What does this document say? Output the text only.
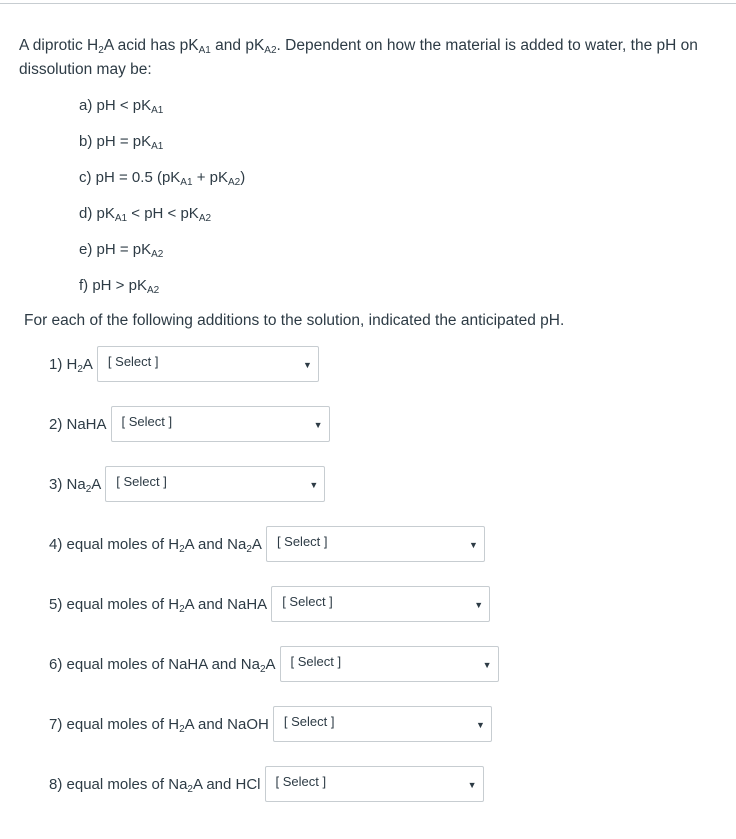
A diprotic $H_2A$ acid has $pK_{A1}$ and $pK_{A2}$. Dependent on how the material is added to water, the pH on dissolution may be:
a) pH < $pK_{A1}$
b) pH = $pK_{A1}$
c) pH = 0.5 $(pK_{A1} + pK_{A2})$
d) $pK_{A1}$ < pH < $pK_{A2}$
e) pH = $pK_{A2}$
f) pH > $pK_{A2}$
For each of the following additions to the solution, indicated the anticipated pH.
1) $H_2A$ [ Select ]	▼
2) NaHA [ Select ]	▼
3) $Na_2A$ [ Select ]	▼
4) equal moles of $H_2A$ and $Na_2A$ [ Select ]	▼
5) equal moles of $H_2A$ and NaHA [ Select ]	▼
6) equal moles of NaHA and $Na_2A$ [ Select ]	▼
7) equal moles of $H_2A$ and NaOH [ Select ]	▼
8) equal moles of $Na_2A$ and HCl [ Select ]	▼
